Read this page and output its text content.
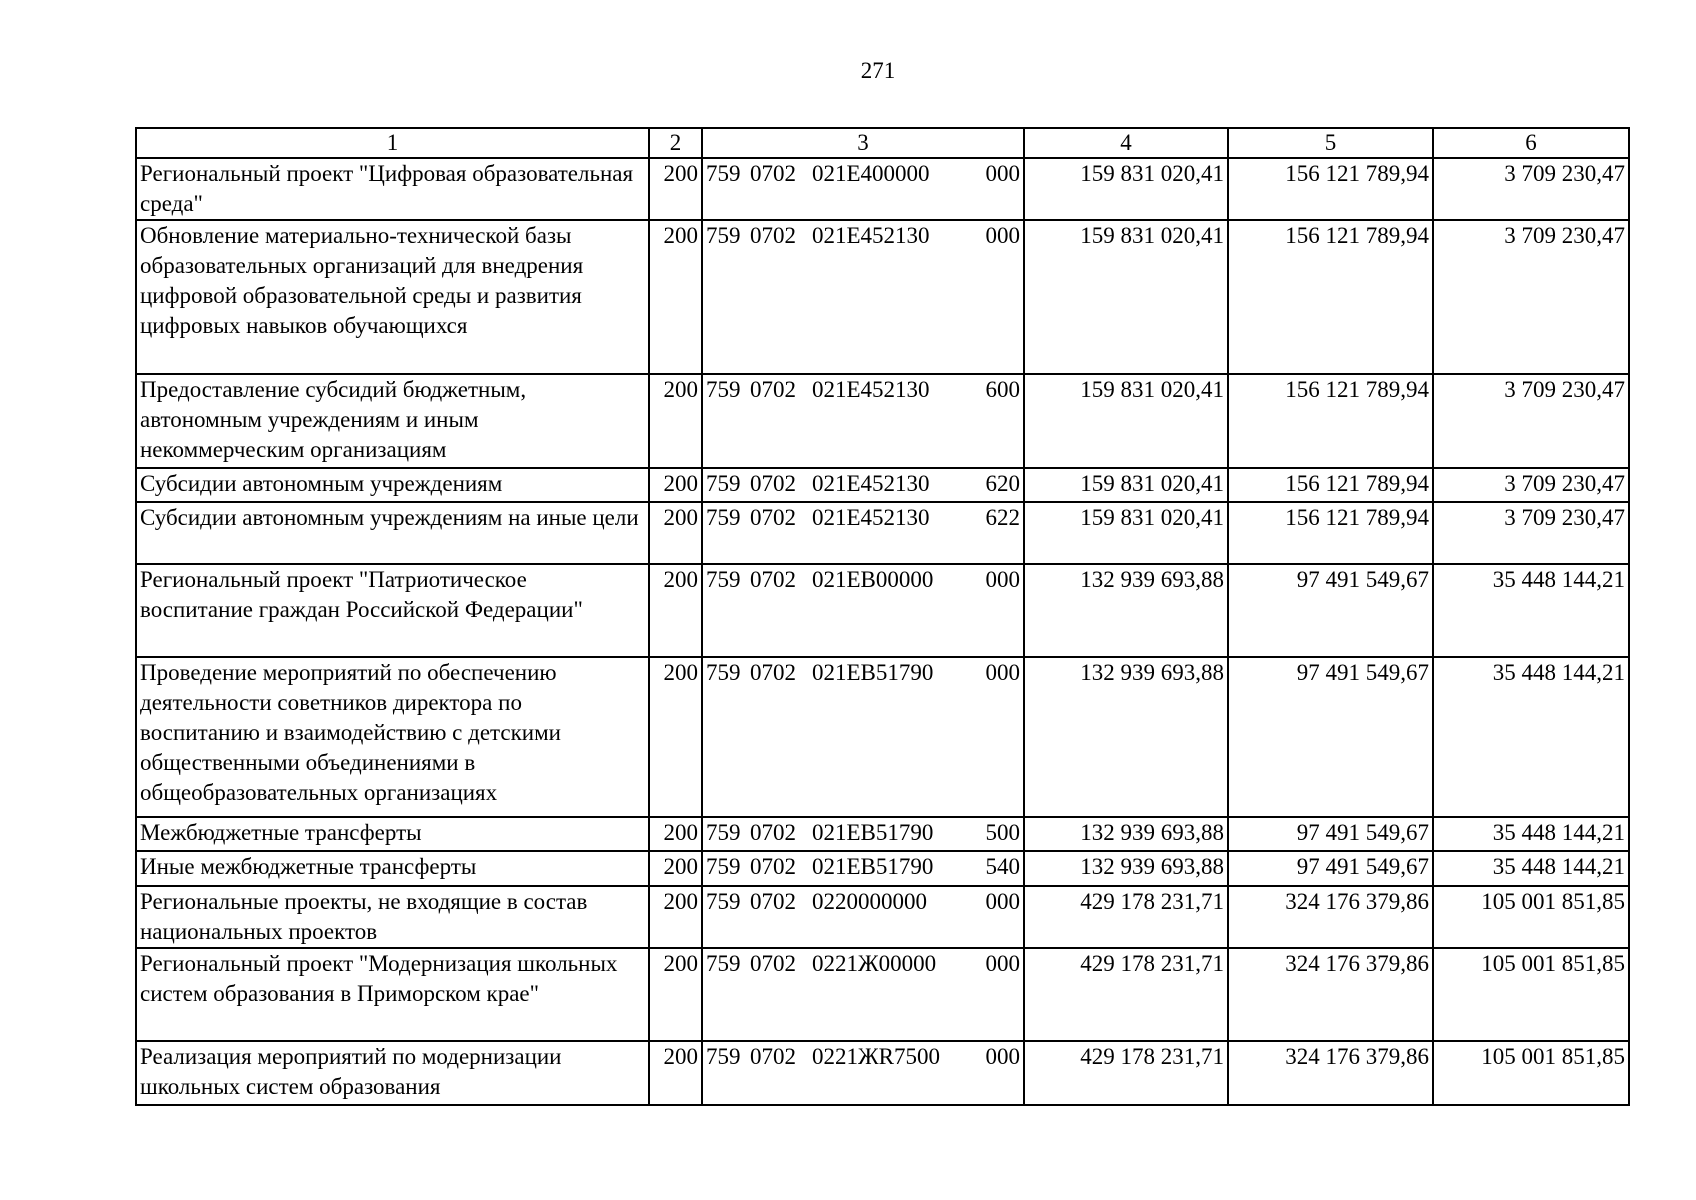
271
1	2	3	4	5	6
Региональный проект "Цифровая образовательная среда"	200	759 0702 021E400000 000	159 831 020,41	156 121 789,94	3 709 230,47
Обновление материально-технической базы образовательных организаций для внедрения цифровой образовательной среды и развития цифровых навыков обучающихся	200	759 0702 021E452130 000	159 831 020,41	156 121 789,94	3 709 230,47
Предоставление субсидий бюджетным, автономным учреждениям и иным некоммерческим организациям	200	759 0702 021E452130 600	159 831 020,41	156 121 789,94	3 709 230,47
Субсидии автономным учреждениям	200	759 0702 021E452130 620	159 831 020,41	156 121 789,94	3 709 230,47
Субсидии автономным учреждениям на иные цели	200	759 0702 021E452130 622	159 831 020,41	156 121 789,94	3 709 230,47
Региональный проект "Патриотическое воспитание граждан Российской Федерации"	200	759 0702 021EB00000 000	132 939 693,88	97 491 549,67	35 448 144,21
Проведение мероприятий по обеспечению деятельности советников директора по воспитанию и взаимодействию с детскими общественными объединениями в общеобразовательных организациях	200	759 0702 021EB51790 000	132 939 693,88	97 491 549,67	35 448 144,21
Межбюджетные трансферты	200	759 0702 021EB51790 500	132 939 693,88	97 491 549,67	35 448 144,21
Иные межбюджетные трансферты	200	759 0702 021EB51790 540	132 939 693,88	97 491 549,67	35 448 144,21
Региональные проекты, не входящие в состав национальных проектов	200	759 0702 0220000000 000	429 178 231,71	324 176 379,86	105 001 851,85
Региональный проект "Модернизация школьных систем образования в Приморском крае"	200	759 0702 0221Ж00000 000	429 178 231,71	324 176 379,86	105 001 851,85
Реализация мероприятий по модернизации школьных систем образования	200	759 0702 0221ЖR7500 000	429 178 231,71	324 176 379,86	105 001 851,85
